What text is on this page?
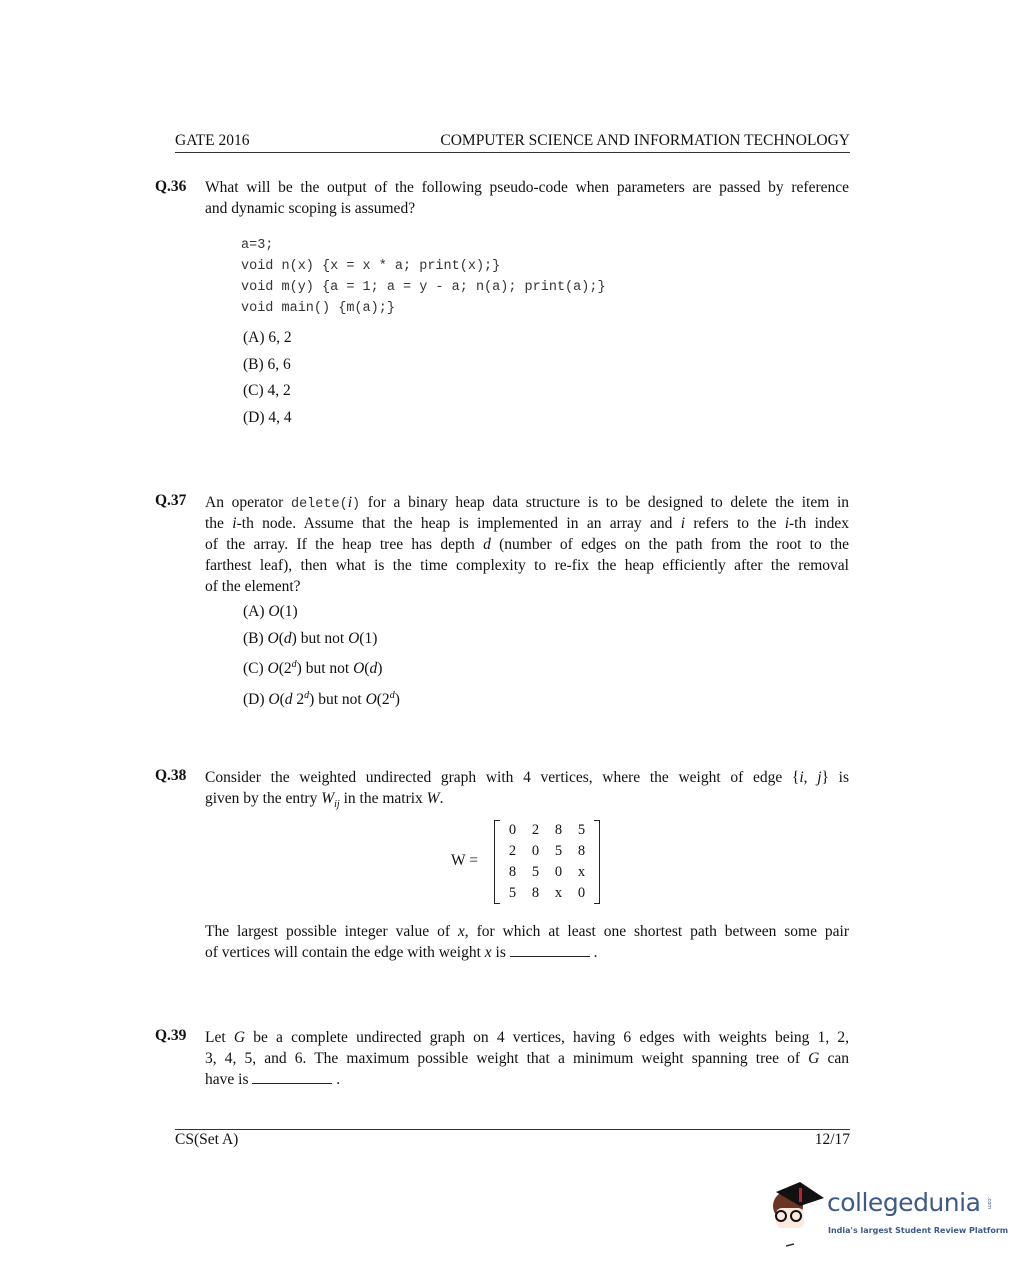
GATE 2016	COMPUTER SCIENCE AND INFORMATION TECHNOLOGY
Q.36 What will be the output of the following pseudo-code when parameters are passed by reference
and dynamic scoping is assumed?
a=3;
void n(x) {x = x * a; print(x);}
void m(y) {a = 1; a = y - a; n(a); print(a);}
void main() {m(a);}
(A) 6, 2
(B) 6, 6
(C) 4, 2
(D) 4, 4
Q.37 An operator delete(i) for a binary heap data structure is to be designed to delete the item in
the i-th node. Assume that the heap is implemented in an array and i refers to the i-th index
of the array. If the heap tree has depth d (number of edges on the path from the root to the
farthest leaf), then what is the time complexity to re-fix the heap efficiently after the removal
of the element?
(A) O(1)
(B) O(d) but not O(1)
(C) O(2$^d$) but not O(d)
(D) O(d 2$^d$) but not O(2$^d$)
Q.38 Consider the weighted undirected graph with 4 vertices, where the weight of edge {i, j} is
given by the entry $W_{ij}$ in the matrix W.
W =
0 2 8 5
2 0 5 8
8 5 0 x
5 8 x 0
The largest possible integer value of x, for which at least one shortest path between some pair
of vertices will contain the edge with weight x is	.
Q.39 Let G be a complete undirected graph on 4 vertices, having 6 edges with weights being 1, 2,
3, 4, 5, and 6. The maximum possible weight that a minimum weight spanning tree of G can
have is	.
CS(Set A)	12/17
collegedunia .com
India's largest Student Review Platform
